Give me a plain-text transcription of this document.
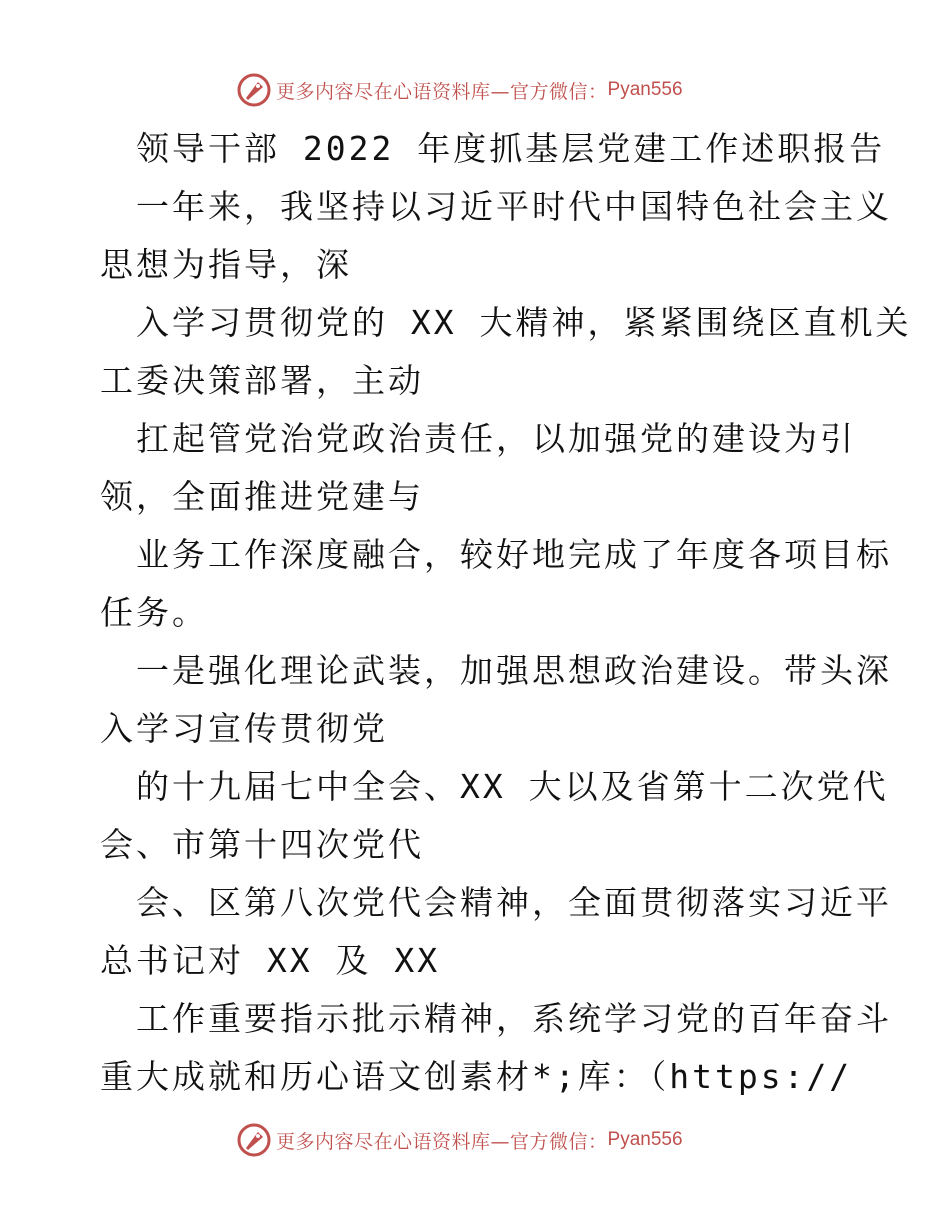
更多内容尽在心语资料库—官方微信： Pyan556
领导干部 2022 年度抓基层党建工作述职报告
一年来，我坚持以习近平时代中国特色社会主义
思想为指导，深
入学习贯彻党的 XX 大精神，紧紧围绕区直机关
工委决策部署，主动
扛起管党治党政治责任，以加强党的建设为引
领，全面推进党建与
业务工作深度融合，较好地完成了年度各项目标
任务。
一是强化理论武装，加强思想政治建设。带头深
入学习宣传贯彻党
的十九届七中全会、XX 大以及省第十二次党代
会、市第十四次党代
会、区第八次党代会精神，全面贯彻落实习近平
总书记对 XX 及 XX
工作重要指示批示精神，系统学习党的百年奋斗
重大成就和历心语文创素材*;库：（https://
更多内容尽在心语资料库—官方微信： Pyan556
